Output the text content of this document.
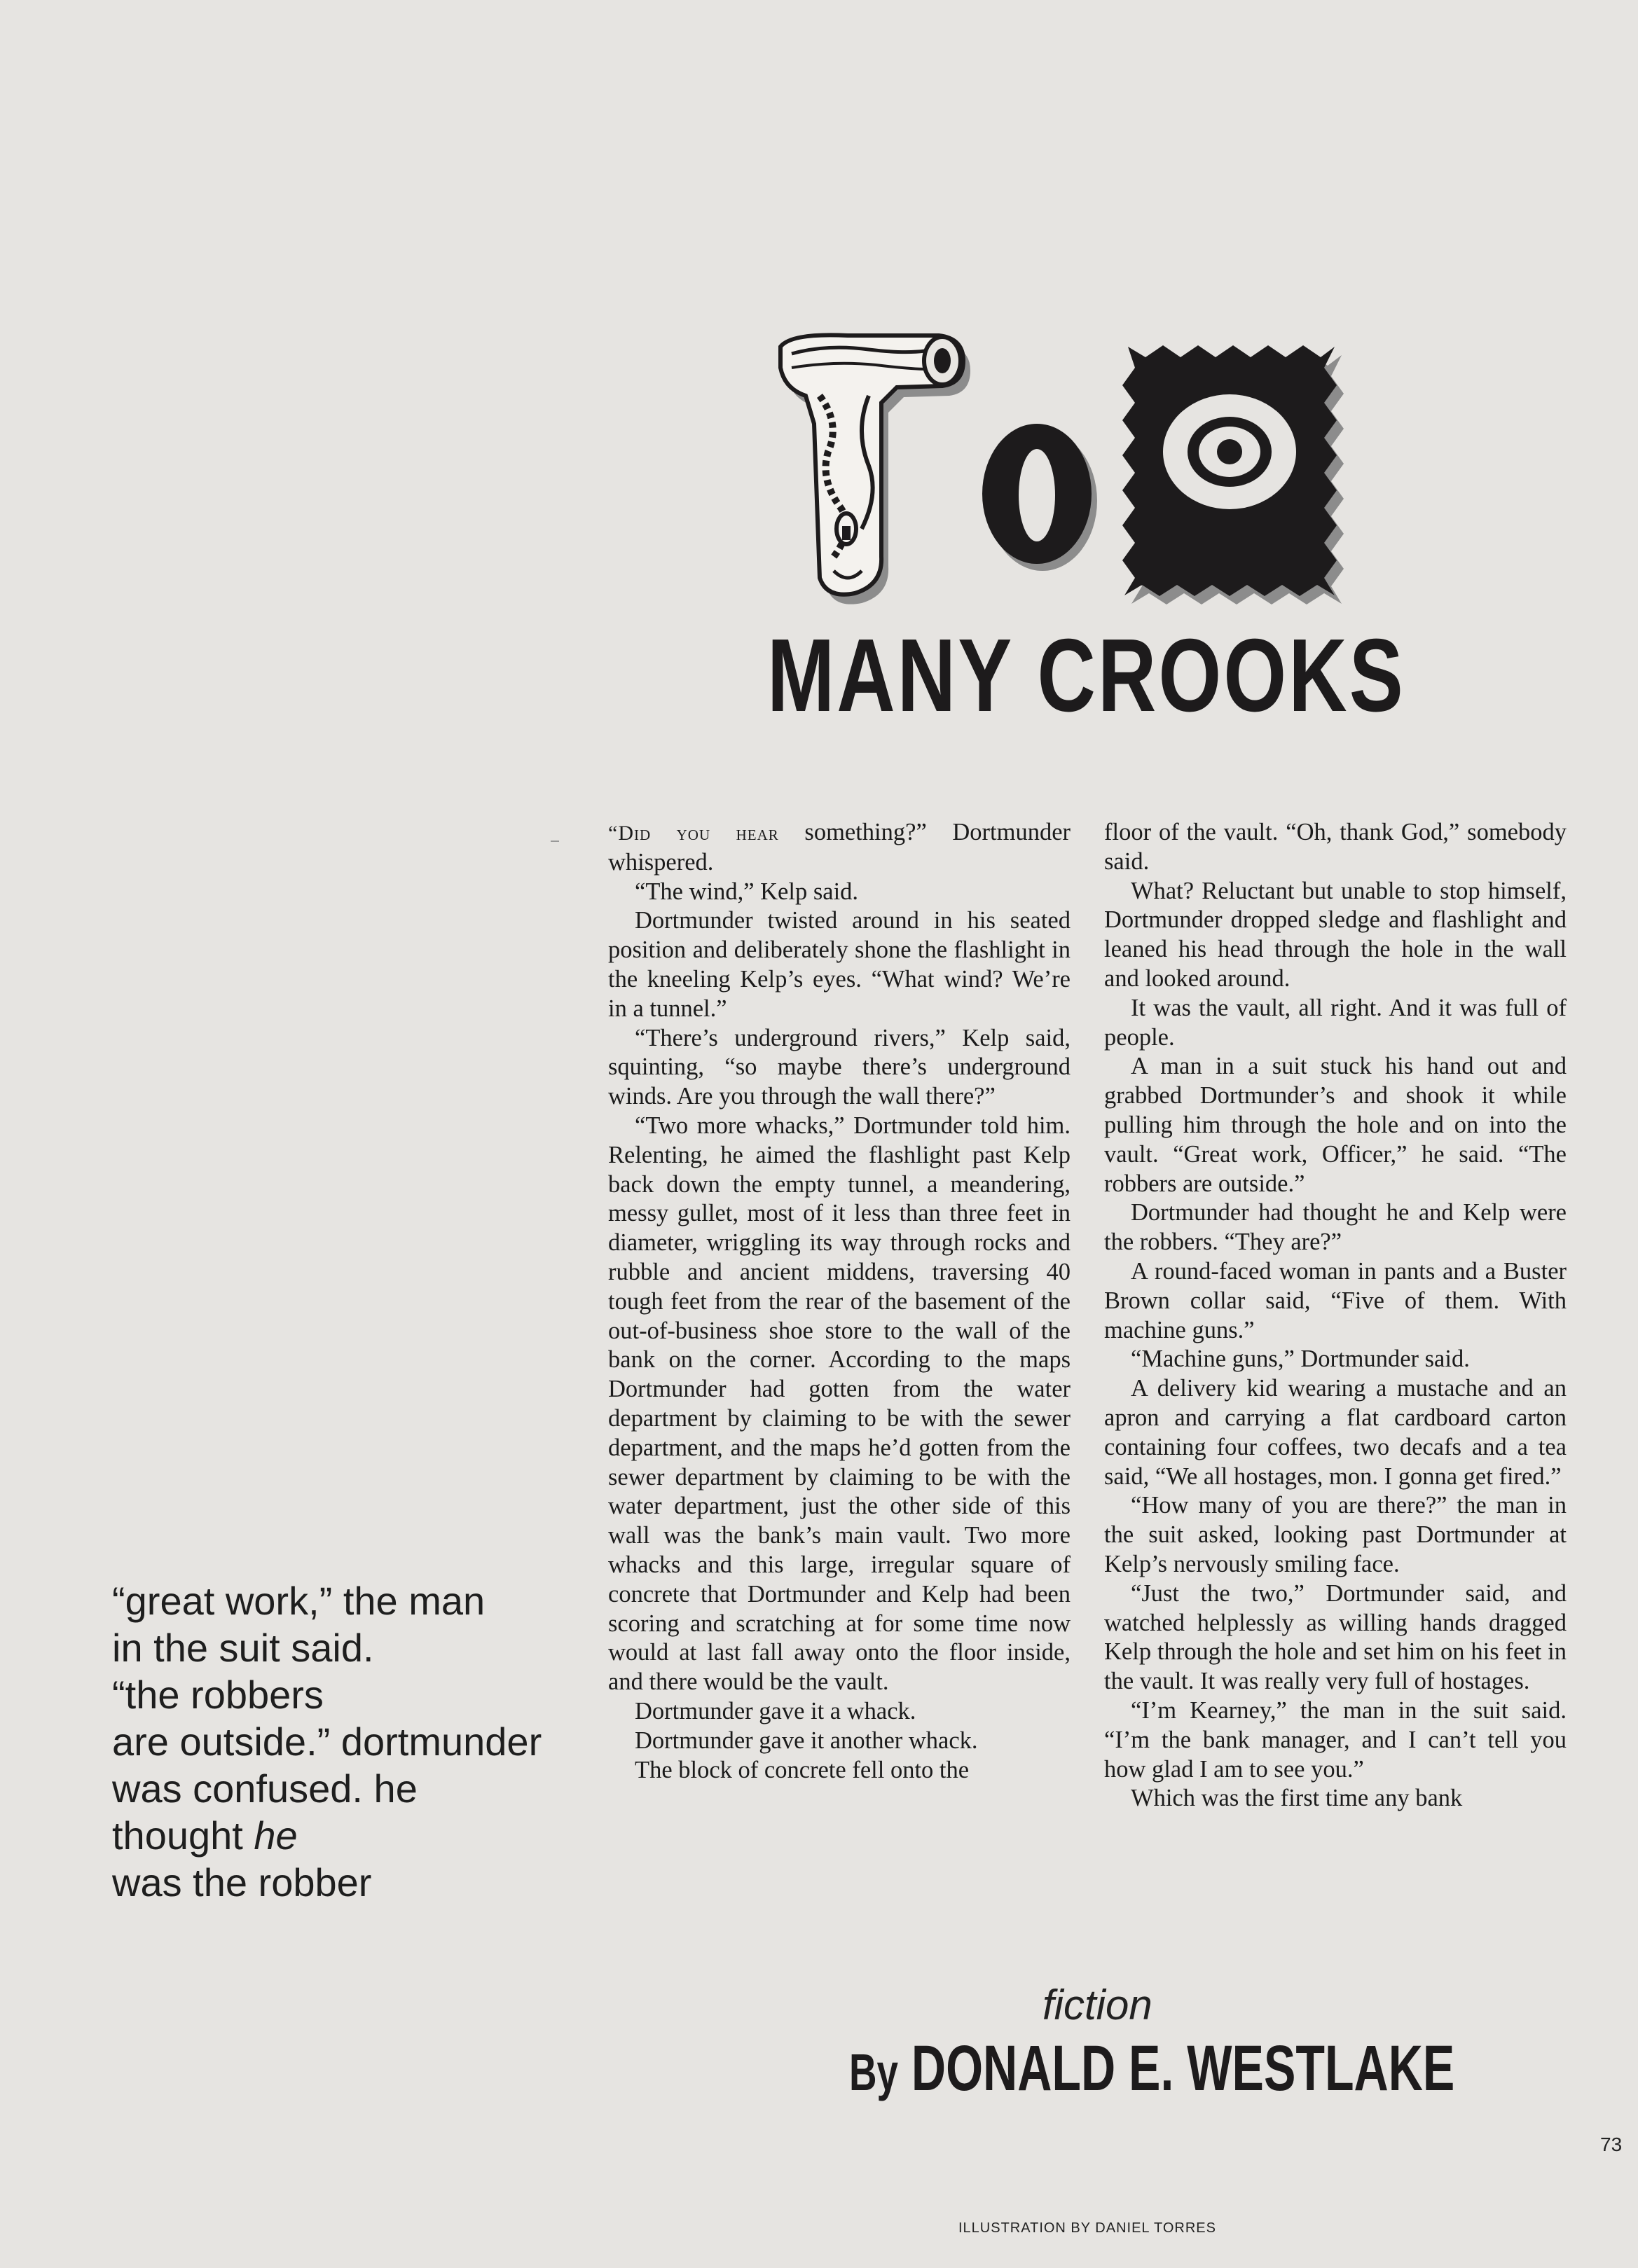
MANY CROOKS
“great work,” the man
in the suit said.
“the robbers
are outside.” dortmunder
was confused. he
thought he
was the robber

“Did you hear something?” Dortmunder whispered.

“The wind,” Kelp said.

Dortmunder twisted around in his seated position and deliberately shone the flashlight in the kneeling Kelp’s eyes. “What wind? We’re in a tunnel.”

“There’s underground rivers,” Kelp said, squinting, “so maybe there’s underground winds. Are you through the wall there?”

“Two more whacks,” Dortmunder told him. Relenting, he aimed the flashlight past Kelp back down the empty tunnel, a meandering, messy gullet, most of it less than three feet in diameter, wriggling its way through rocks and rubble and ancient middens, traversing 40 tough feet from the rear of the basement of the out-of-business shoe store to the wall of the bank on the corner. According to the maps Dortmunder had gotten from the water department by claiming to be with the sewer department, and the maps he’d gotten from the sewer department by claiming to be with the water department, just the other side of this wall was the bank’s main vault. Two more whacks and this large, irregular square of concrete that Dortmunder and Kelp had been scoring and scratching at for some time now would at last fall away onto the floor inside, and there would be the vault.

Dortmunder gave it a whack.

Dortmunder gave it another whack.

The block of concrete fell onto the

floor of the vault. “Oh, thank God,” somebody said.

What? Reluctant but unable to stop himself, Dortmunder dropped sledge and flashlight and leaned his head through the hole in the wall and looked around.

It was the vault, all right. And it was full of people.

A man in a suit stuck his hand out and grabbed Dortmunder’s and shook it while pulling him through the hole and on into the vault. “Great work, Officer,” he said. “The robbers are outside.”

Dortmunder had thought he and Kelp were the robbers. “They are?”

A round-faced woman in pants and a Buster Brown collar said, “Five of them. With machine guns.”

“Machine guns,” Dortmunder said.

A delivery kid wearing a mustache and an apron and carrying a flat cardboard carton containing four coffees, two decafs and a tea said, “We all hostages, mon. I gonna get fired.”

“How many of you are there?” the man in the suit asked, looking past Dortmunder at Kelp’s nervously smiling face.

“Just the two,” Dortmunder said, and watched helplessly as willing hands dragged Kelp through the hole and set him on his feet in the vault. It was really very full of hostages.

“I’m Kearney,” the man in the suit said. “I’m the bank manager, and I can’t tell you how glad I am to see you.”

Which was the first time any bank

fiction
By DONALD E. WESTLAKE
73
ILLUSTRATION BY DANIEL TORRES
